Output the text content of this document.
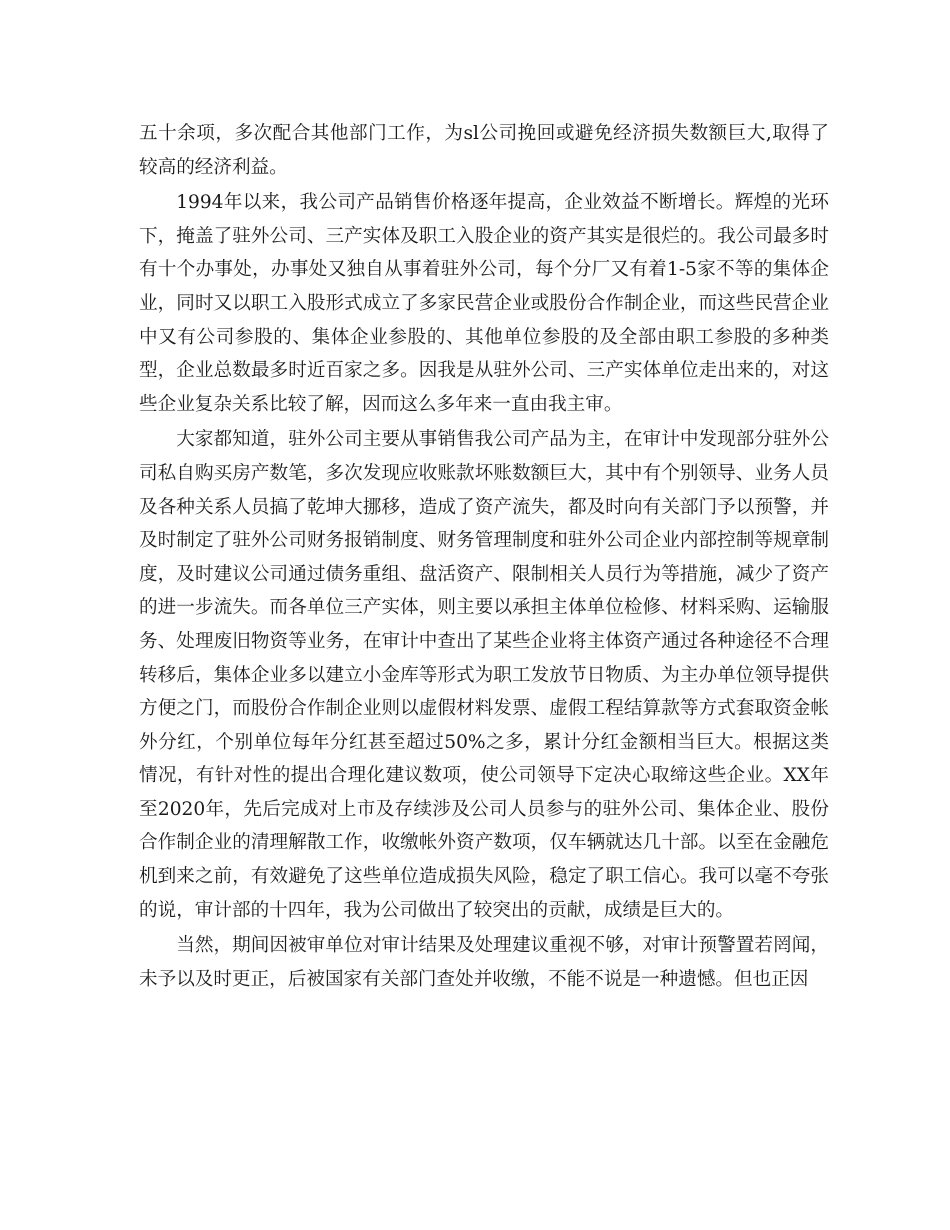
五十余项，多次配合其他部门工作，为sl公司挽回或避免经济损失数额巨大,取得了较高的经济利益。

1994年以来，我公司产品销售价格逐年提高，企业效益不断增长。辉煌的光环下，掩盖了驻外公司、三产实体及职工入股企业的资产其实是很烂的。我公司最多时有十个办事处，办事处又独自从事着驻外公司，每个分厂又有着1-5家不等的集体企业，同时又以职工入股形式成立了多家民营企业或股份合作制企业，而这些民营企业中又有公司参股的、集体企业参股的、其他单位参股的及全部由职工参股的多种类型，企业总数最多时近百家之多。因我是从驻外公司、三产实体单位走出来的，对这些企业复杂关系比较了解，因而这么多年来一直由我主审。

大家都知道，驻外公司主要从事销售我公司产品为主，在审计中发现部分驻外公司私自购买房产数笔，多次发现应收账款坏账数额巨大，其中有个别领导、业务人员及各种关系人员搞了乾坤大挪移，造成了资产流失，都及时向有关部门予以预警，并及时制定了驻外公司财务报销制度、财务管理制度和驻外公司企业内部控制等规章制度，及时建议公司通过债务重组、盘活资产、限制相关人员行为等措施，减少了资产的进一步流失。而各单位三产实体，则主要以承担主体单位检修、材料采购、运输服务、处理废旧物资等业务，在审计中查出了某些企业将主体资产通过各种途径不合理转移后，集体企业多以建立小金库等形式为职工发放节日物质、为主办单位领导提供方便之门，而股份合作制企业则以虚假材料发票、虚假工程结算款等方式套取资金帐外分红，个别单位每年分红甚至超过50%之多，累计分红金额相当巨大。根据这类情况，有针对性的提出合理化建议数项，使公司领导下定决心取缔这些企业。XX年至2020年，先后完成对上市及存续涉及公司人员参与的驻外公司、集体企业、股份合作制企业的清理解散工作，收缴帐外资产数项，仅车辆就达几十部。以至在金融危机到来之前，有效避免了这些单位造成损失风险，稳定了职工信心。我可以毫不夸张的说，审计部的十四年，我为公司做出了较突出的贡献，成绩是巨大的。

当然，期间因被审单位对审计结果及处理建议重视不够，对审计预警置若罔闻，未予以及时更正，后被国家有关部门查处并收缴，不能不说是一种遗憾。但也正因
